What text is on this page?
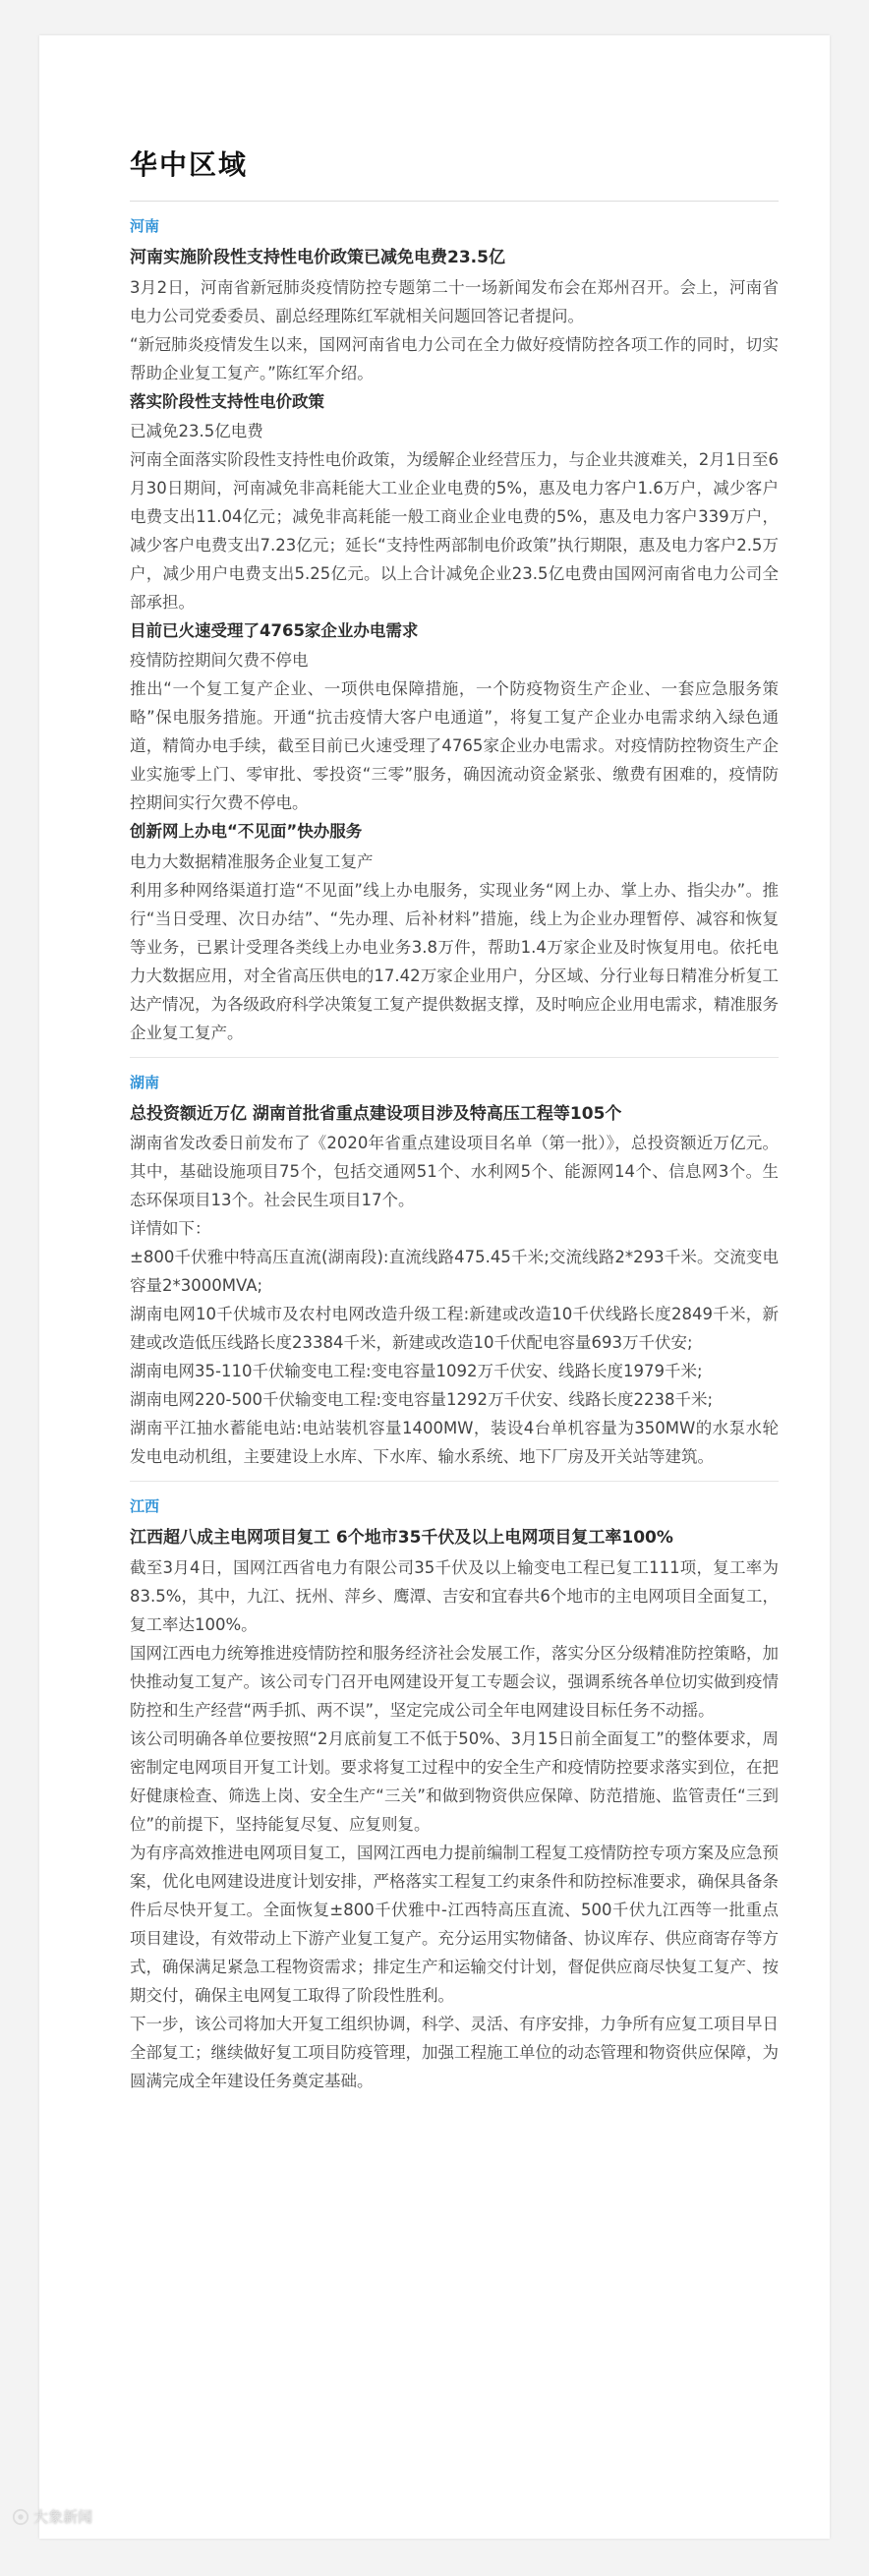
华中区域
河南

河南实施阶段性支持性电价政策已减免电费23.5亿

3月2日，河南省新冠肺炎疫情防控专题第二十一场新闻发布会在郑州召开。会上，河南省电力公司党委委员、副总经理陈红军就相关问题回答记者提问。

“新冠肺炎疫情发生以来，国网河南省电力公司在全力做好疫情防控各项工作的同时，切实帮助企业复工复产。”陈红军介绍。

落实阶段性支持性电价政策

已减免23.5亿电费

河南全面落实阶段性支持性电价政策，为缓解企业经营压力，与企业共渡难关，2月1日至6月30日期间，河南减免非高耗能大工业企业电费的5%，惠及电力客户1.6万户，减少客户电费支出11.04亿元；减免非高耗能一般工商业企业电费的5%，惠及电力客户339万户，减少客户电费支出7.23亿元；延长“支持性两部制电价政策”执行期限，惠及电力客户2.5万户，减少用户电费支出5.25亿元。以上合计减免企业23.5亿电费由国网河南省电力公司全部承担。

目前已火速受理了4765家企业办电需求

疫情防控期间欠费不停电

推出“一个复工复产企业、一项供电保障措施，一个防疫物资生产企业、一套应急服务策略”保电服务措施。开通“抗击疫情大客户电通道”，将复工复产企业办电需求纳入绿色通道，精简办电手续，截至目前已火速受理了4765家企业办电需求。对疫情防控物资生产企业实施零上门、零审批、零投资“三零”服务，确因流动资金紧张、缴费有困难的，疫情防控期间实行欠费不停电。

创新网上办电“不见面”快办服务

电力大数据精准服务企业复工复产

利用多种网络渠道打造“不见面”线上办电服务，实现业务“网上办、掌上办、指尖办”。推行“当日受理、次日办结”、“先办理、后补材料”措施，线上为企业办理暂停、减容和恢复等业务，已累计受理各类线上办电业务3.8万件，帮助1.4万家企业及时恢复用电。依托电力大数据应用，对全省高压供电的17.42万家企业用户，分区域、分行业每日精准分析复工达产情况，为各级政府科学决策复工复产提供数据支撑，及时响应企业用电需求，精准服务企业复工复产。

湖南

总投资额近万亿 湖南首批省重点建设项目涉及特高压工程等105个

湖南省发改委日前发布了《2020年省重点建设项目名单（第一批）》，总投资额近万亿元。其中，基础设施项目75个，包括交通网51个、水利网5个、能源网14个、信息网3个。生态环保项目13个。社会民生项目17个。

详情如下：

±800千伏雅中特高压直流(湖南段):直流线路475.45千米;交流线路2*293千米。交流变电容量2*3000MVA;

湖南电网10千伏城市及农村电网改造升级工程:新建或改造10千伏线路长度2849千米，新建或改造低压线路长度23384千米，新建或改造10千伏配电容量693万千伏安;

湖南电网35-110千伏输变电工程:变电容量1092万千伏安、线路长度1979千米;

湖南电网220-500千伏输变电工程:变电容量1292万千伏安、线路长度2238千米;

湖南平江抽水蓄能电站:电站装机容量1400MW，装设4台单机容量为350MW的水泵水轮发电电动机组，主要建设上水库、下水库、输水系统、地下厂房及开关站等建筑。

江西

江西超八成主电网项目复工 6个地市35千伏及以上电网项目复工率100%

截至3月4日，国网江西省电力有限公司35千伏及以上输变电工程已复工111项，复工率为83.5%，其中，九江、抚州、萍乡、鹰潭、吉安和宜春共6个地市的主电网项目全面复工，复工率达100%。

国网江西电力统筹推进疫情防控和服务经济社会发展工作，落实分区分级精准防控策略，加快推动复工复产。该公司专门召开电网建设开复工专题会议，强调系统各单位切实做到疫情防控和生产经营“两手抓、两不误”，坚定完成公司全年电网建设目标任务不动摇。

该公司明确各单位要按照“2月底前复工不低于50%、3月15日前全面复工”的整体要求，周密制定电网项目开复工计划。要求将复工过程中的安全生产和疫情防控要求落实到位，在把好健康检查、筛选上岗、安全生产“三关”和做到物资供应保障、防范措施、监管责任“三到位”的前提下，坚持能复尽复、应复则复。

为有序高效推进电网项目复工，国网江西电力提前编制工程复工疫情防控专项方案及应急预案，优化电网建设进度计划安排，严格落实工程复工约束条件和防控标准要求，确保具备条件后尽快开复工。全面恢复±800千伏雅中-江西特高压直流、500千伏九江西等一批重点项目建设，有效带动上下游产业复工复产。充分运用实物储备、协议库存、供应商寄存等方式，确保满足紧急工程物资需求；排定生产和运输交付计划，督促供应商尽快复工复产、按期交付，确保主电网复工取得了阶段性胜利。

下一步，该公司将加大开复工组织协调，科学、灵活、有序安排，力争所有应复工项目早日全部复工；继续做好复工项目防疫管理，加强工程施工单位的动态管理和物资供应保障，为圆满完成全年建设任务奠定基础。

大象新闻
